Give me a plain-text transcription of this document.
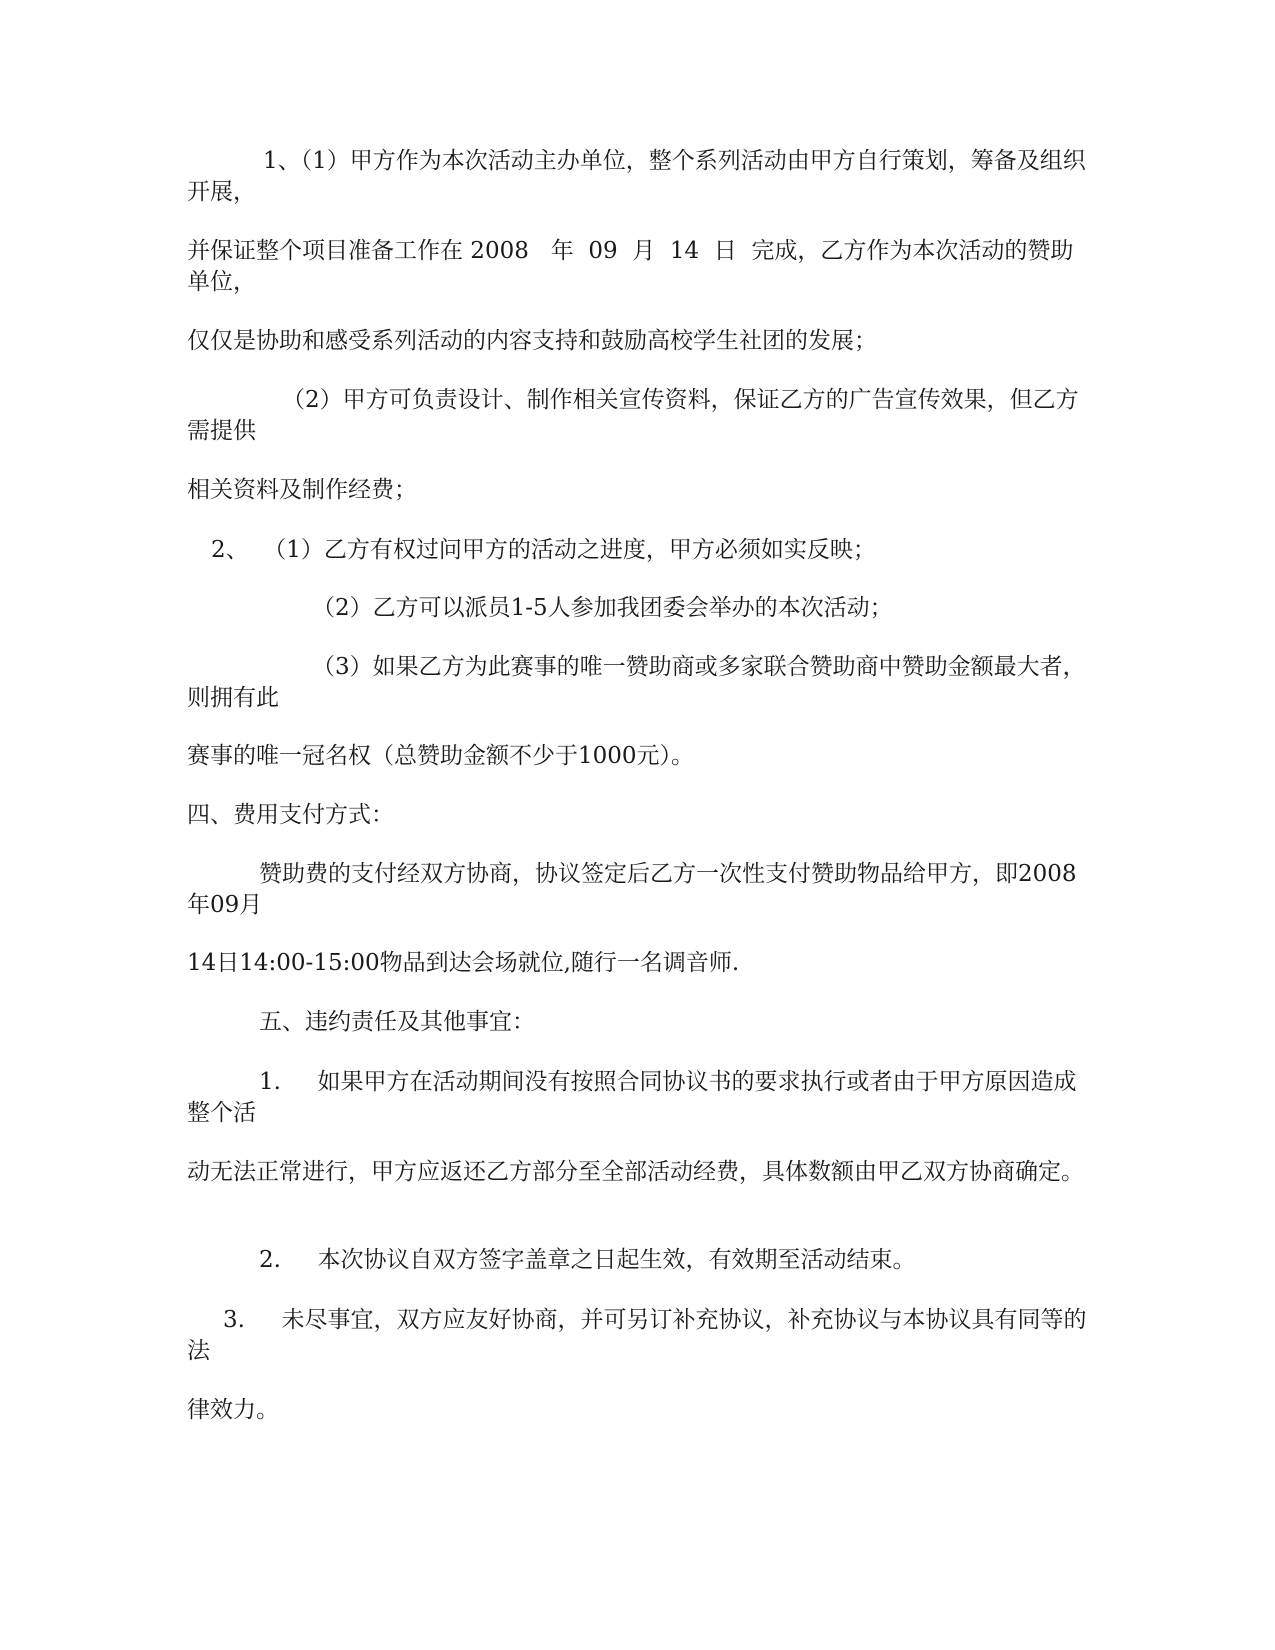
1、（1）甲方作为本次活动主办单位，整个系列活动由甲方自行策划，筹备及组织开展，

并保证整个项目准备工作在 2008   年  09  月  14  日  完成，乙方作为本次活动的赞助单位，

仅仅是协助和感受系列活动的内容支持和鼓励高校学生社团的发展；

（2）甲方可负责设计、制作相关宣传资料，保证乙方的广告宣传效果，但乙方需提供

相关资料及制作经费；

2、  （1）乙方有权过问甲方的活动之进度，甲方必须如实反映；

（2）乙方可以派员1-5人参加我团委会举办的本次活动；

（3）如果乙方为此赛事的唯一赞助商或多家联合赞助商中赞助金额最大者，则拥有此

赛事的唯一冠名权（总赞助金额不少于1000元）。

四、费用支付方式：

赞助费的支付经双方协商，协议签定后乙方一次性支付赞助物品给甲方，即2008年09月

14日14:00-15:00物品到达会场就位,随行一名调音师.

五、违约责任及其他事宜：

1.     如果甲方在活动期间没有按照合同协议书的要求执行或者由于甲方原因造成整个活

动无法正常进行，甲方应返还乙方部分至全部活动经费，具体数额由甲乙双方协商确定。

2.     本次协议自双方签字盖章之日起生效，有效期至活动结束。

3.     未尽事宜，双方应友好协商，并可另订补充协议，补充协议与本协议具有同等的法

律效力。
